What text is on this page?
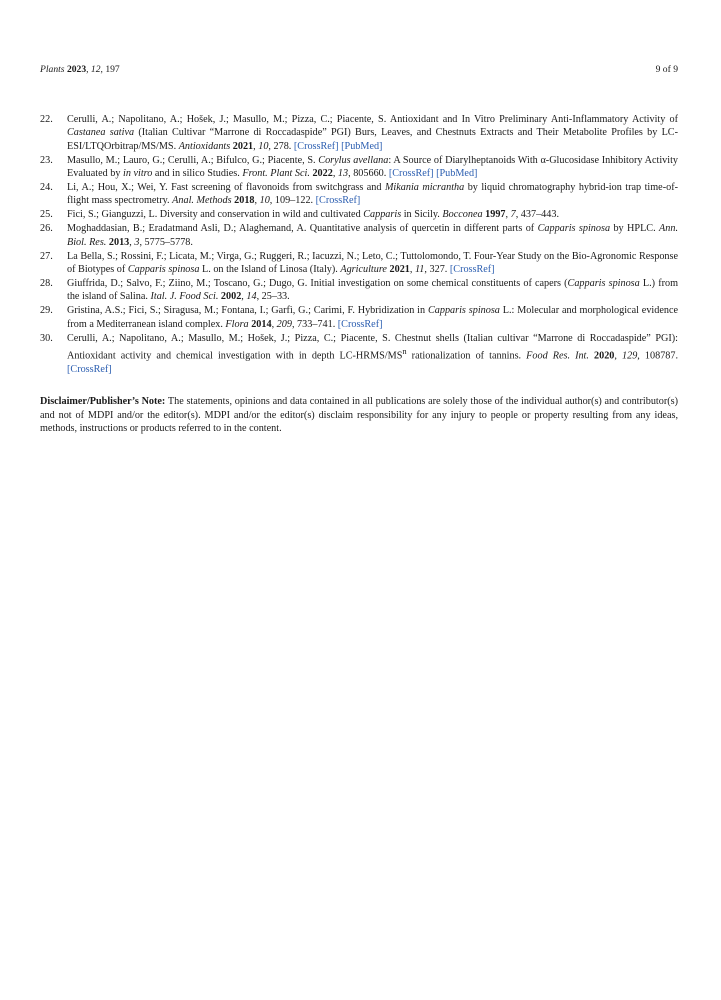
Plants 2023, 12, 197	9 of 9
22. Cerulli, A.; Napolitano, A.; Hošek, J.; Masullo, M.; Pizza, C.; Piacente, S. Antioxidant and In Vitro Preliminary Anti-Inflammatory Activity of Castanea sativa (Italian Cultivar “Marrone di Roccadaspide” PGI) Burs, Leaves, and Chestnuts Extracts and Their Metabolite Profiles by LC-ESI/LTQOrbitrap/MS/MS. Antioxidants 2021, 10, 278. [CrossRef] [PubMed]
23. Masullo, M.; Lauro, G.; Cerulli, A.; Bifulco, G.; Piacente, S. Corylus avellana: A Source of Diarylheptanoids With α-Glucosidase Inhibitory Activity Evaluated by in vitro and in silico Studies. Front. Plant Sci. 2022, 13, 805660. [CrossRef] [PubMed]
24. Li, A.; Hou, X.; Wei, Y. Fast screening of flavonoids from switchgrass and Mikania micrantha by liquid chromatography hybrid-ion trap time-of-flight mass spectrometry. Anal. Methods 2018, 10, 109–122. [CrossRef]
25. Fici, S.; Gianguzzi, L. Diversity and conservation in wild and cultivated Capparis in Sicily. Bocconea 1997, 7, 437–443.
26. Moghaddasian, B.; Eradatmand Asli, D.; Alaghemand, A. Quantitative analysis of quercetin in different parts of Capparis spinosa by HPLC. Ann. Biol. Res. 2013, 3, 5775–5778.
27. La Bella, S.; Rossini, F.; Licata, M.; Virga, G.; Ruggeri, R.; Iacuzzi, N.; Leto, C.; Tuttolomondo, T. Four-Year Study on the Bio-Agronomic Response of Biotypes of Capparis spinosa L. on the Island of Linosa (Italy). Agriculture 2021, 11, 327. [CrossRef]
28. Giuffrida, D.; Salvo, F.; Ziino, M.; Toscano, G.; Dugo, G. Initial investigation on some chemical constituents of capers (Capparis spinosa L.) from the island of Salina. Ital. J. Food Sci. 2002, 14, 25–33.
29. Gristina, A.S.; Fici, S.; Siragusa, M.; Fontana, I.; Garfì, G.; Carimi, F. Hybridization in Capparis spinosa L.: Molecular and morphological evidence from a Mediterranean island complex. Flora 2014, 209, 733–741. [CrossRef]
30. Cerulli, A.; Napolitano, A.; Masullo, M.; Hošek, J.; Pizza, C.; Piacente, S. Chestnut shells (Italian cultivar “Marrone di Roccadaspide” PGI): Antioxidant activity and chemical investigation with in depth $LC-HRMS/MS^n$ rationalization of tannins. Food Res. Int. 2020, 129, 108787. [CrossRef]

Disclaimer/Publisher’s Note: The statements, opinions and data contained in all publications are solely those of the individual author(s) and contributor(s) and not of MDPI and/or the editor(s). MDPI and/or the editor(s) disclaim responsibility for any injury to people or property resulting from any ideas, methods, instructions or products referred to in the content.
